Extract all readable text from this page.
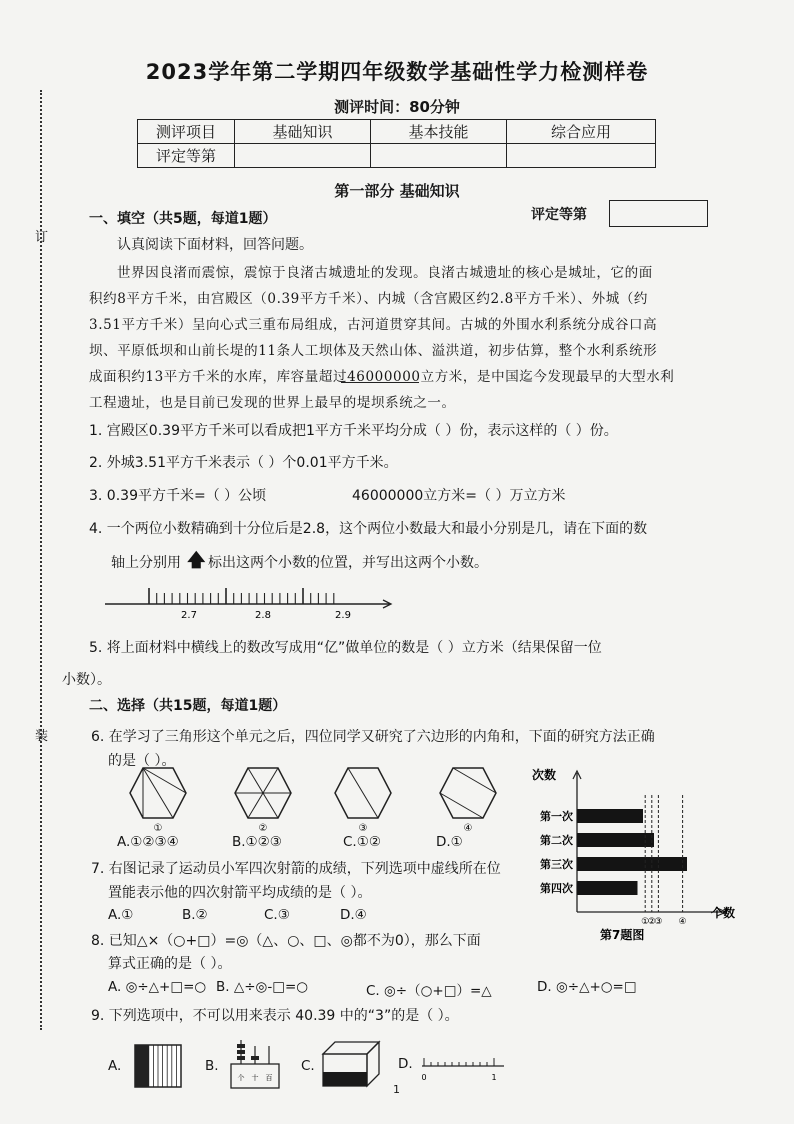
订
装
2023学年第二学期四年级数学基础性学力检测样卷
测评时间：80分钟
测评项目	基础知识	基本技能	综合应用
评定等第			
第一部分 基础知识
评定等第
一、填空（共5题，每道1题）
认真阅读下面材料，回答问题。
世界因良渚而震惊，震惊于良渚古城遗址的发现。良渚古城遗址的核心是城址，它的面
积约8平方千米，由宫殿区（0.39平方千米）、内城（含宫殿区约2.8平方千米）、外城（约
3.51平方千米）呈向心式三重布局组成，古河道贯穿其间。古城的外围水利系统分成谷口高
坝、平原低坝和山前长堤的11条人工坝体及天然山体、溢洪道，初步估算，整个水利系统形
成面积约13平方千米的水库，库容量超过46000000立方米，是中国迄今发现最早的大型水利
工程遗址，也是目前已发现的世界上最早的堤坝系统之一。
1. 宫殿区0.39平方千米可以看成把1平方千米平均分成（ ）份，表示这样的（ ）份。
2. 外城3.51平方千米表示（ ）个0.01平方千米。
3. 0.39平方千米=（ ）公顷	46000000立方米=（ ）万立方米
4. 一个两位小数精确到十分位后是2.8，这个两位小数最大和最小分别是几，请在下面的数
轴上分别用 🡅 标出这两个小数的位置，并写出这两个小数。
2.7	2.8	2.9
5. 将上面材料中横线上的数改写成用“亿”做单位的数是（ ）立方米（结果保留一位
小数）。
二、选择（共15题，每道1题）
6. 在学习了三角形这个单元之后，四位同学又研究了六边形的内角和，下面的研究方法正确
的是（ ）。
①	②	③	④
A.①②③④	B.①②③	C.①②	D.①
7. 右图记录了运动员小军四次射箭的成绩，下列选项中虚线所在位
置能表示他的四次射箭平均成绩的是（ ）。
A.①	B.②	C.③	D.④
次数
个数
第7题图
第一次
第二次
第三次
第四次
①
②
③ ④
8. 已知△×（○+□）=◎（△、○、□、◎都不为0），那么下面
算式正确的是（ ）。
A. ◎÷△+□=○ B. △÷◎-□=○	C. ◎÷（○+□）=△	D. ◎÷△+○=□
9. 下列选项中，不可以用来表示 40.39 中的“3”的是（ ）。
A.	B.
个 十 百
C.	D.
0	1
1
